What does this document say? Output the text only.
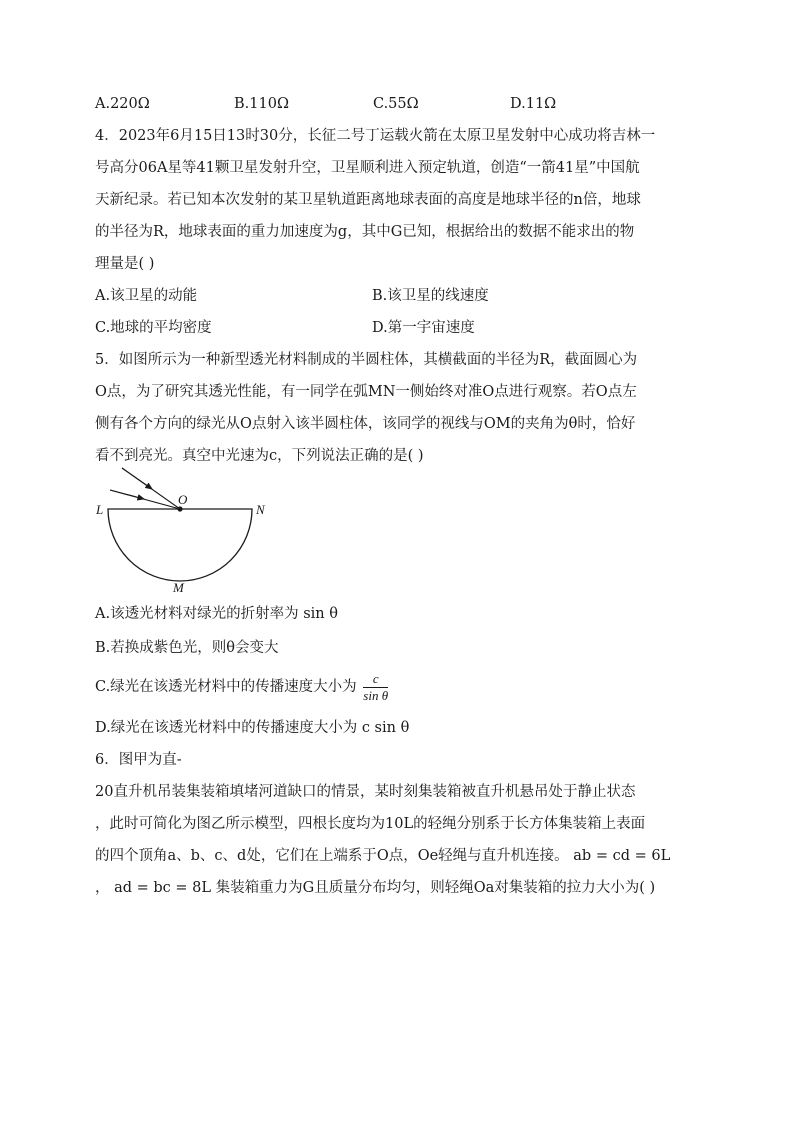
A.220Ω	B.110Ω	C.55Ω	D.11Ω
4．2023年6月15日13时30分，长征二号丁运载火箭在太原卫星发射中心成功将吉林一
号高分06A星等41颗卫星发射升空，卫星顺利进入预定轨道，创造“一箭41星”中国航
天新纪录。若已知本次发射的某卫星轨道距离地球表面的高度是地球半径的n倍，地球
的半径为R，地球表面的重力加速度为g，其中G已知，根据给出的数据不能求出的物
理量是( )
A.该卫星的动能	B.该卫星的线速度
C.地球的平均密度	D.第一宇宙速度
5．如图所示为一种新型透光材料制成的半圆柱体，其横截面的半径为R，截面圆心为
O点，为了研究其透光性能，有一同学在弧MN一侧始终对准O点进行观察。若O点左
侧有各个方向的绿光从O点射入该半圆柱体，该同学的视线与OM的夹角为θ时，恰好
看不到亮光。真空中光速为c，下列说法正确的是( )
L
O
N
M
A.该透光材料对绿光的折射率为 sin θ
B.若换成紫色光，则θ会变大
C.绿光在该透光材料中的传播速度大小为 $\frac{c}{\text{sin θ}}$
D.绿光在该透光材料中的传播速度大小为 c sin θ
6．图甲为直-
20直升机吊装集装箱填堵河道缺口的情景，某时刻集装箱被直升机悬吊处于静止状态
，此时可简化为图乙所示模型，四根长度均为10L的轻绳分别系于长方体集装箱上表面
的四个顶角a、b、c、d处，它们在上端系于O点，Oe轻绳与直升机连接。 ab = cd = 6L
， ad = bc = 8L 集装箱重力为G且质量分布均匀，则轻绳Oa对集装箱的拉力大小为( )
